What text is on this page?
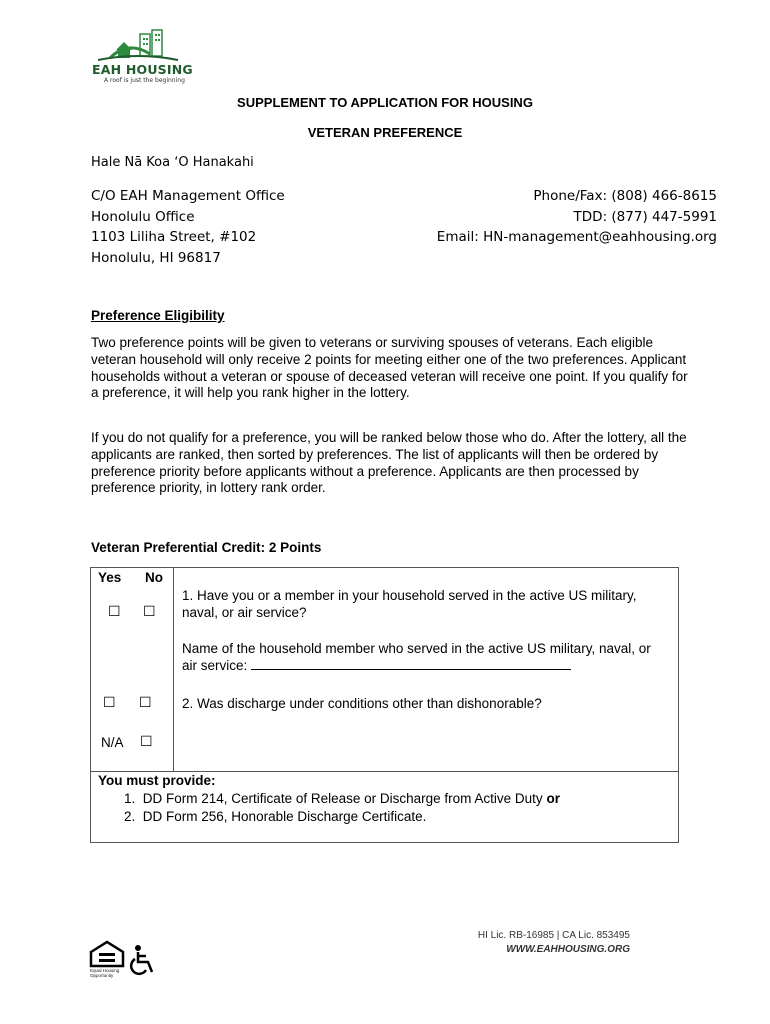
EAH HOUSING
A roof is just the beginning
SUPPLEMENT TO APPLICATION FOR HOUSING
VETERAN PREFERENCE
Hale Nā Koa ʻO Hanakahi
C/O EAH Management Office
Honolulu Office
1103 Liliha Street, #102
Honolulu, HI 96817
Phone/Fax: (808) 466-8615
TDD: (877) 447-5991
Email: HN-management@eahhousing.org
Preference Eligibility
Two preference points will be given to veterans or surviving spouses of veterans. Each eligible veteran household will only receive 2 points for meeting either one of the two preferences. Applicant households without a veteran or spouse of deceased veteran will receive one point. If you qualify for a preference, it will help you rank higher in the lottery.
If you do not qualify for a preference, you will be ranked below those who do. After the lottery, all the applicants are ranked, then sorted by preferences. The list of applicants will then be ordered by preference priority before applicants without a preference. Applicants are then processed by preference priority, in lottery rank order.
Veteran Preferential Credit: 2 Points
Yes No
☐ ☐
1. Have you or a member in your household served in the active US military, naval, or air service?
Name of the household member who served in the active US military, naval, or air service:
☐ ☐ 2. Was discharge under conditions other than dishonorable?
N/A ☐
You must provide:
1. DD Form 214, Certificate of Release or Discharge from Active Duty or
2. DD Form 256, Honorable Discharge Certificate.
HI Lic. RB-16985 | CA Lic. 853495
WWW.EAHHOUSING.ORG
Equal Housing Opportunity
